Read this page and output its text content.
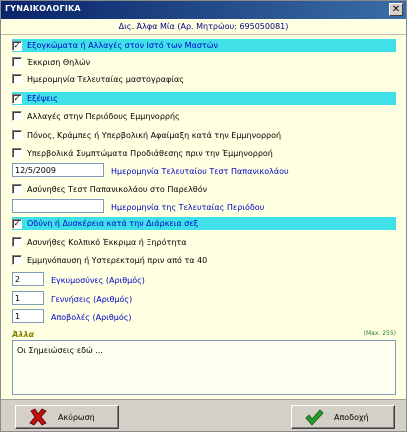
ΓΥΝΑΙΚΟΛΟΓΙΚΑ	✕
Δις. Άλφα Μία (Αρ. Μητρώου: 695050081)
✓ Εξογκώματα ή Αλλαγές στον Ιστό των Μαστών
Έκκριση Θηλών
Ημερομηνία Τελευταίας μαστογραφίας
✓ Εξέψεις
Αλλαγές στην Περιόδους Εμμηνορρής
Πόνος, Κράμπες ή Υπερβολική Αφαίμαξη κατά την Εμμηνορροή
Υπερβολικά Συμπτώματα Προδιάθεσης πριν την Έμμηνορροή
12/5/2009	Ημερομηνία Τελευταίου Τεστ Παπανικολάου
Ασύνηθες Τεστ Παπανικολάου στο Παρελθόν
Ημερομηνία της Τελευταίας Περιόδου
✓ Οδύνη ή Δυσκέρεια κατά την Διάρκεια σεξ
Ασυνήθες Κολπικό Έκκριμα ή Ξηρότητα
Εμμηνόπαυση ή Υστερεκτομή πριν από τα 40
2	Εγκυμοσύνες (Αριθμός)
1	Γεννήσεις (Αριθμός)
1	Αποβολές (Αριθμός)
Άλλα	(Max. 255)
Οι Σημειώσεις εδώ ...
Ακύρωση	Αποδοχή
